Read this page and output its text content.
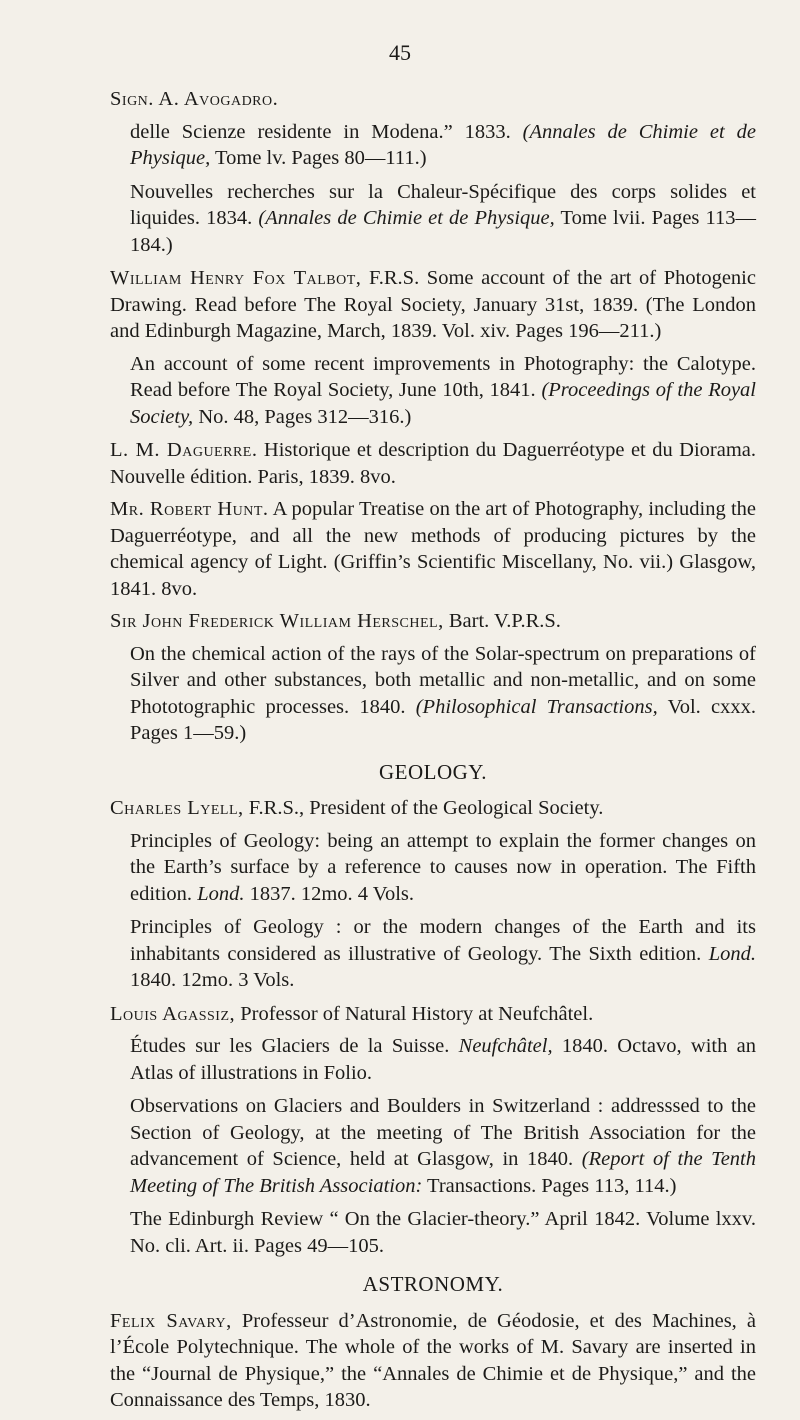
45

Sign. A. Avogadro.

delle Scienze residente in Modena.” 1833. (Annales de Chimie et de Physique, Tome lv. Pages 80—111.)

Nouvelles recherches sur la Chaleur-Spécifique des corps solides et liquides. 1834. (Annales de Chimie et de Physique, Tome lvii. Pages 113—184.)

William Henry Fox Talbot, F.R.S. Some account of the art of Photogenic Drawing. Read before The Royal Society, January 31st, 1839. (The London and Edinburgh Magazine, March, 1839. Vol. xiv. Pages 196—211.)

An account of some recent improvements in Photography: the Calotype. Read before The Royal Society, June 10th, 1841. (Proceedings of the Royal Society, No. 48, Pages 312—316.)

L. M. Daguerre. Historique et description du Daguerréotype et du Diorama. Nouvelle édition. Paris, 1839. 8vo.

Mr. Robert Hunt. A popular Treatise on the art of Photography, including the Daguerréotype, and all the new methods of producing pictures by the chemical agency of Light. (Griffin’s Scientific Miscellany, No. vii.) Glasgow, 1841. 8vo.

Sir John Frederick William Herschel, Bart. V.P.R.S.

On the chemical action of the rays of the Solar-spectrum on preparations of Silver and other substances, both metallic and non-metallic, and on some Phototographic processes. 1840. (Philosophical Transactions, Vol. cxxx. Pages 1—59.)

GEOLOGY.

Charles Lyell, F.R.S., President of the Geological Society.

Principles of Geology: being an attempt to explain the former changes on the Earth’s surface by a reference to causes now in operation. The Fifth edition. Lond. 1837. 12mo. 4 Vols.

Principles of Geology : or the modern changes of the Earth and its inhabitants considered as illustrative of Geology. The Sixth edition. Lond. 1840. 12mo. 3 Vols.

Louis Agassiz, Professor of Natural History at Neufchâtel.

Études sur les Glaciers de la Suisse. Neufchâtel, 1840. Octavo, with an Atlas of illustrations in Folio.

Observations on Glaciers and Boulders in Switzerland : addresssed to the Section of Geology, at the meeting of The British Association for the advancement of Science, held at Glasgow, in 1840. (Report of the Tenth Meeting of The British Association: Transactions. Pages 113, 114.)

The Edinburgh Review “ On the Glacier-theory.” April 1842. Volume lxxv. No. cli. Art. ii. Pages 49—105.

ASTRONOMY.

Felix Savary, Professeur d’Astronomie, de Géodosie, et des Machines, à l’École Polytechnique. The whole of the works of M. Savary are inserted in the “Journal de Physique,” the “Annales de Chimie et de Physique,” and the Connaissance des Temps, 1830.
